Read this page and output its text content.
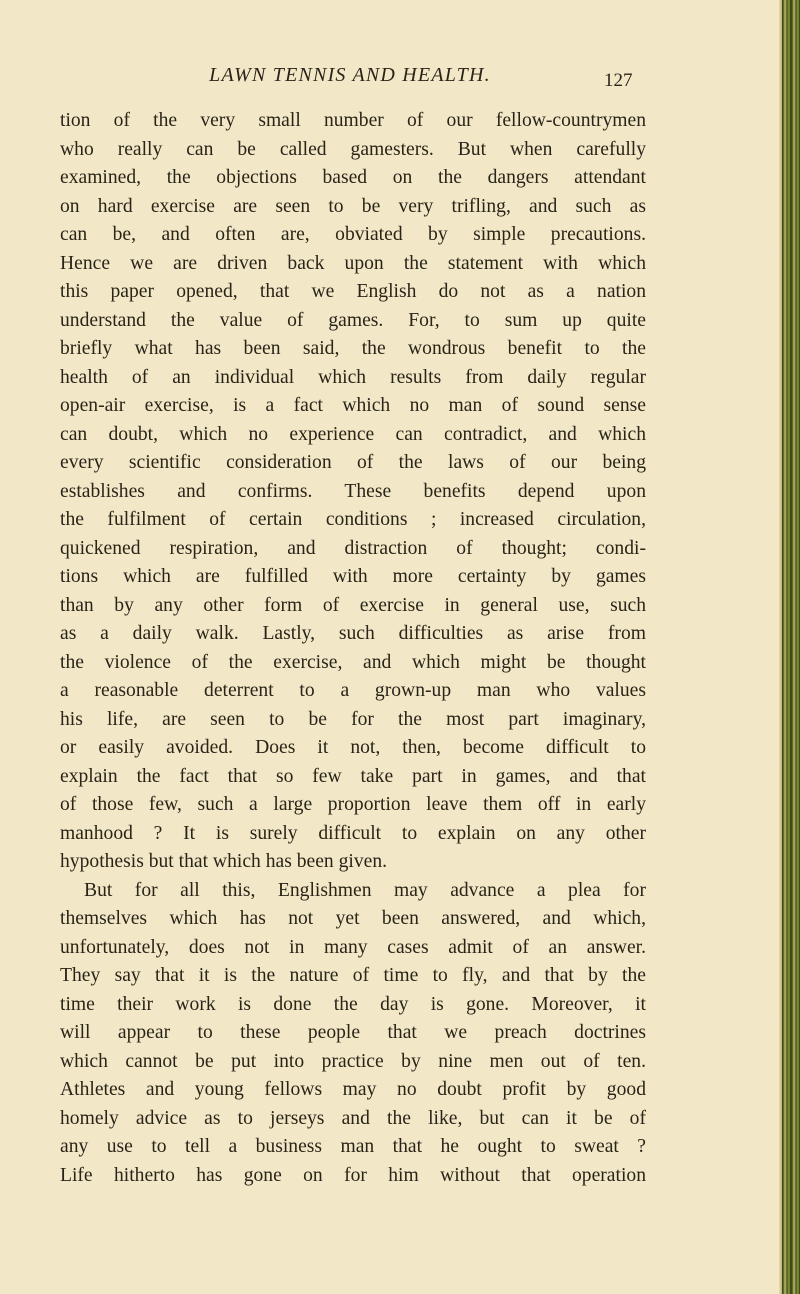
LAWN TENNIS AND HEALTH.	127
tion of the very small number of our fellow-countrymen
who really can be called gamesters. But when carefully
examined, the objections based on the dangers attendant
on hard exercise are seen to be very trifling, and such as
can be, and often are, obviated by simple precautions.
Hence we are driven back upon the statement with which
this paper opened, that we English do not as a nation
understand the value of games. For, to sum up quite
briefly what has been said, the wondrous benefit to the
health of an individual which results from daily regular
open-air exercise, is a fact which no man of sound sense
can doubt, which no experience can contradict, and which
every scientific consideration of the laws of our being
establishes and confirms. These benefits depend upon
the fulfilment of certain conditions ; increased circulation,
quickened respiration, and distraction of thought; condi-
tions which are fulfilled with more certainty by games
than by any other form of exercise in general use, such
as a daily walk. Lastly, such difficulties as arise from
the violence of the exercise, and which might be thought
a reasonable deterrent to a grown-up man who values
his life, are seen to be for the most part imaginary,
or easily avoided. Does it not, then, become difficult to
explain the fact that so few take part in games, and that
of those few, such a large proportion leave them off in early
manhood ? It is surely difficult to explain on any other
hypothesis but that which has been given.
But for all this, Englishmen may advance a plea for
themselves which has not yet been answered, and which,
unfortunately, does not in many cases admit of an answer.
They say that it is the nature of time to fly, and that by the
time their work is done the day is gone. Moreover, it
will appear to these people that we preach doctrines
which cannot be put into practice by nine men out of ten.
Athletes and young fellows may no doubt profit by good
homely advice as to jerseys and the like, but can it be of
any use to tell a business man that he ought to sweat ?
Life hitherto has gone on for him without that operation
